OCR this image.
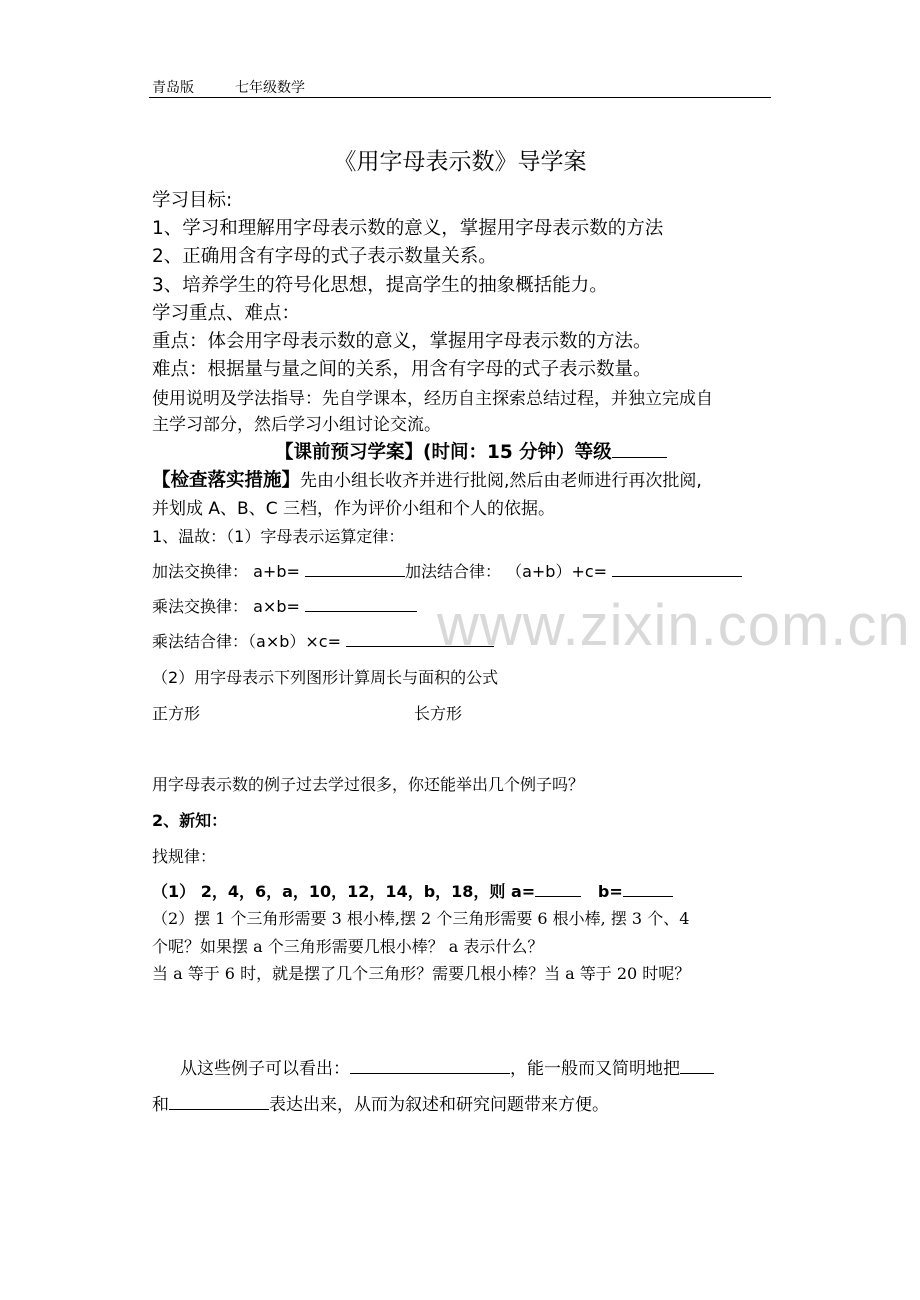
青岛版	七年级数学
《用字母表示数》导学案
学习目标:
1、学习和理解用字母表示数的意义，掌握用字母表示数的方法
2、正确用含有字母的式子表示数量关系。
3、培养学生的符号化思想，提高学生的抽象概括能力。
学习重点、难点：
重点：体会用字母表示数的意义，掌握用字母表示数的方法。
难点：根据量与量之间的关系，用含有字母的式子表示数量。
使用说明及学法指导：先自学课本，经历自主探索总结过程，并独立完成自
主学习部分，然后学习小组讨论交流。
【课前预习学案】(时间：15 分钟）等级
【检查落实措施】先由小组长收齐并进行批阅,然后由老师进行再次批阅,
并划成 A、B、C 三档，作为评价小组和个人的依据。
1、温故：（1）字母表示运算定律：
加法交换律： a+b=	加法结合律： （a+b）+c=
乘法交换律： a×b=
乘法结合律：（a×b）×c=
（2）用字母表示下列图形计算周长与面积的公式
正方形	长方形
用字母表示数的例子过去学过很多，你还能举出几个例子吗？
2、新知：
找规律：
（1） 2，4，6，a，10，12，14，b，18，则 a=	b=
（2）摆 1 个三角形需要 3 根小棒,摆 2 个三角形需要 6 根小棒, 摆 3 个、4
个呢？如果摆 a 个三角形需要几根小棒？ a 表示什么？
当 a 等于 6 时，就是摆了几个三角形？需要几根小棒？当 a 等于 20 时呢？
从这些例子可以看出：	，能一般而又简明地把
和	表达出来，从而为叙述和研究问题带来方便。
www.zixin.com.cn
